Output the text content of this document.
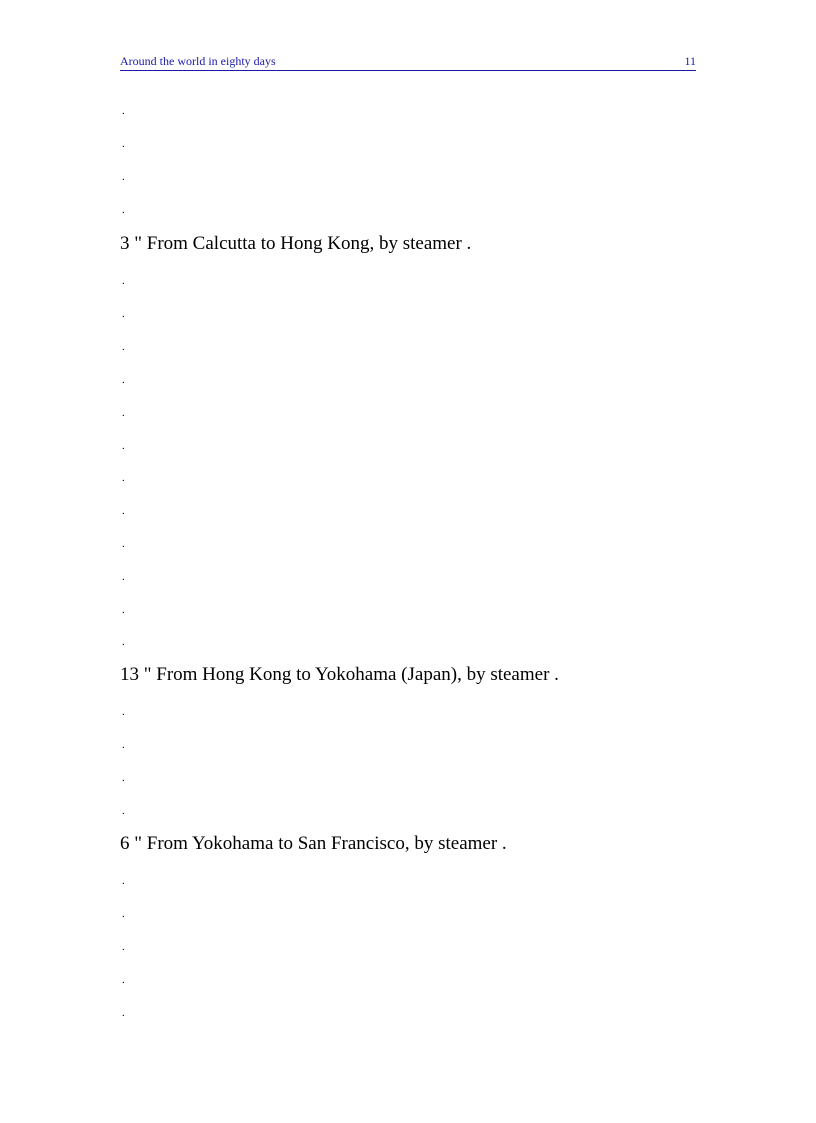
Around the world in eighty days	11
.
.
.
.
3 " From Calcutta to Hong Kong, by steamer .
.
.
.
.
.
.
.
.
.
.
.
.
13 " From Hong Kong to Yokohama (Japan), by steamer .
.
.
.
.
6 " From Yokohama to San Francisco, by steamer .
.
.
.
.
.
